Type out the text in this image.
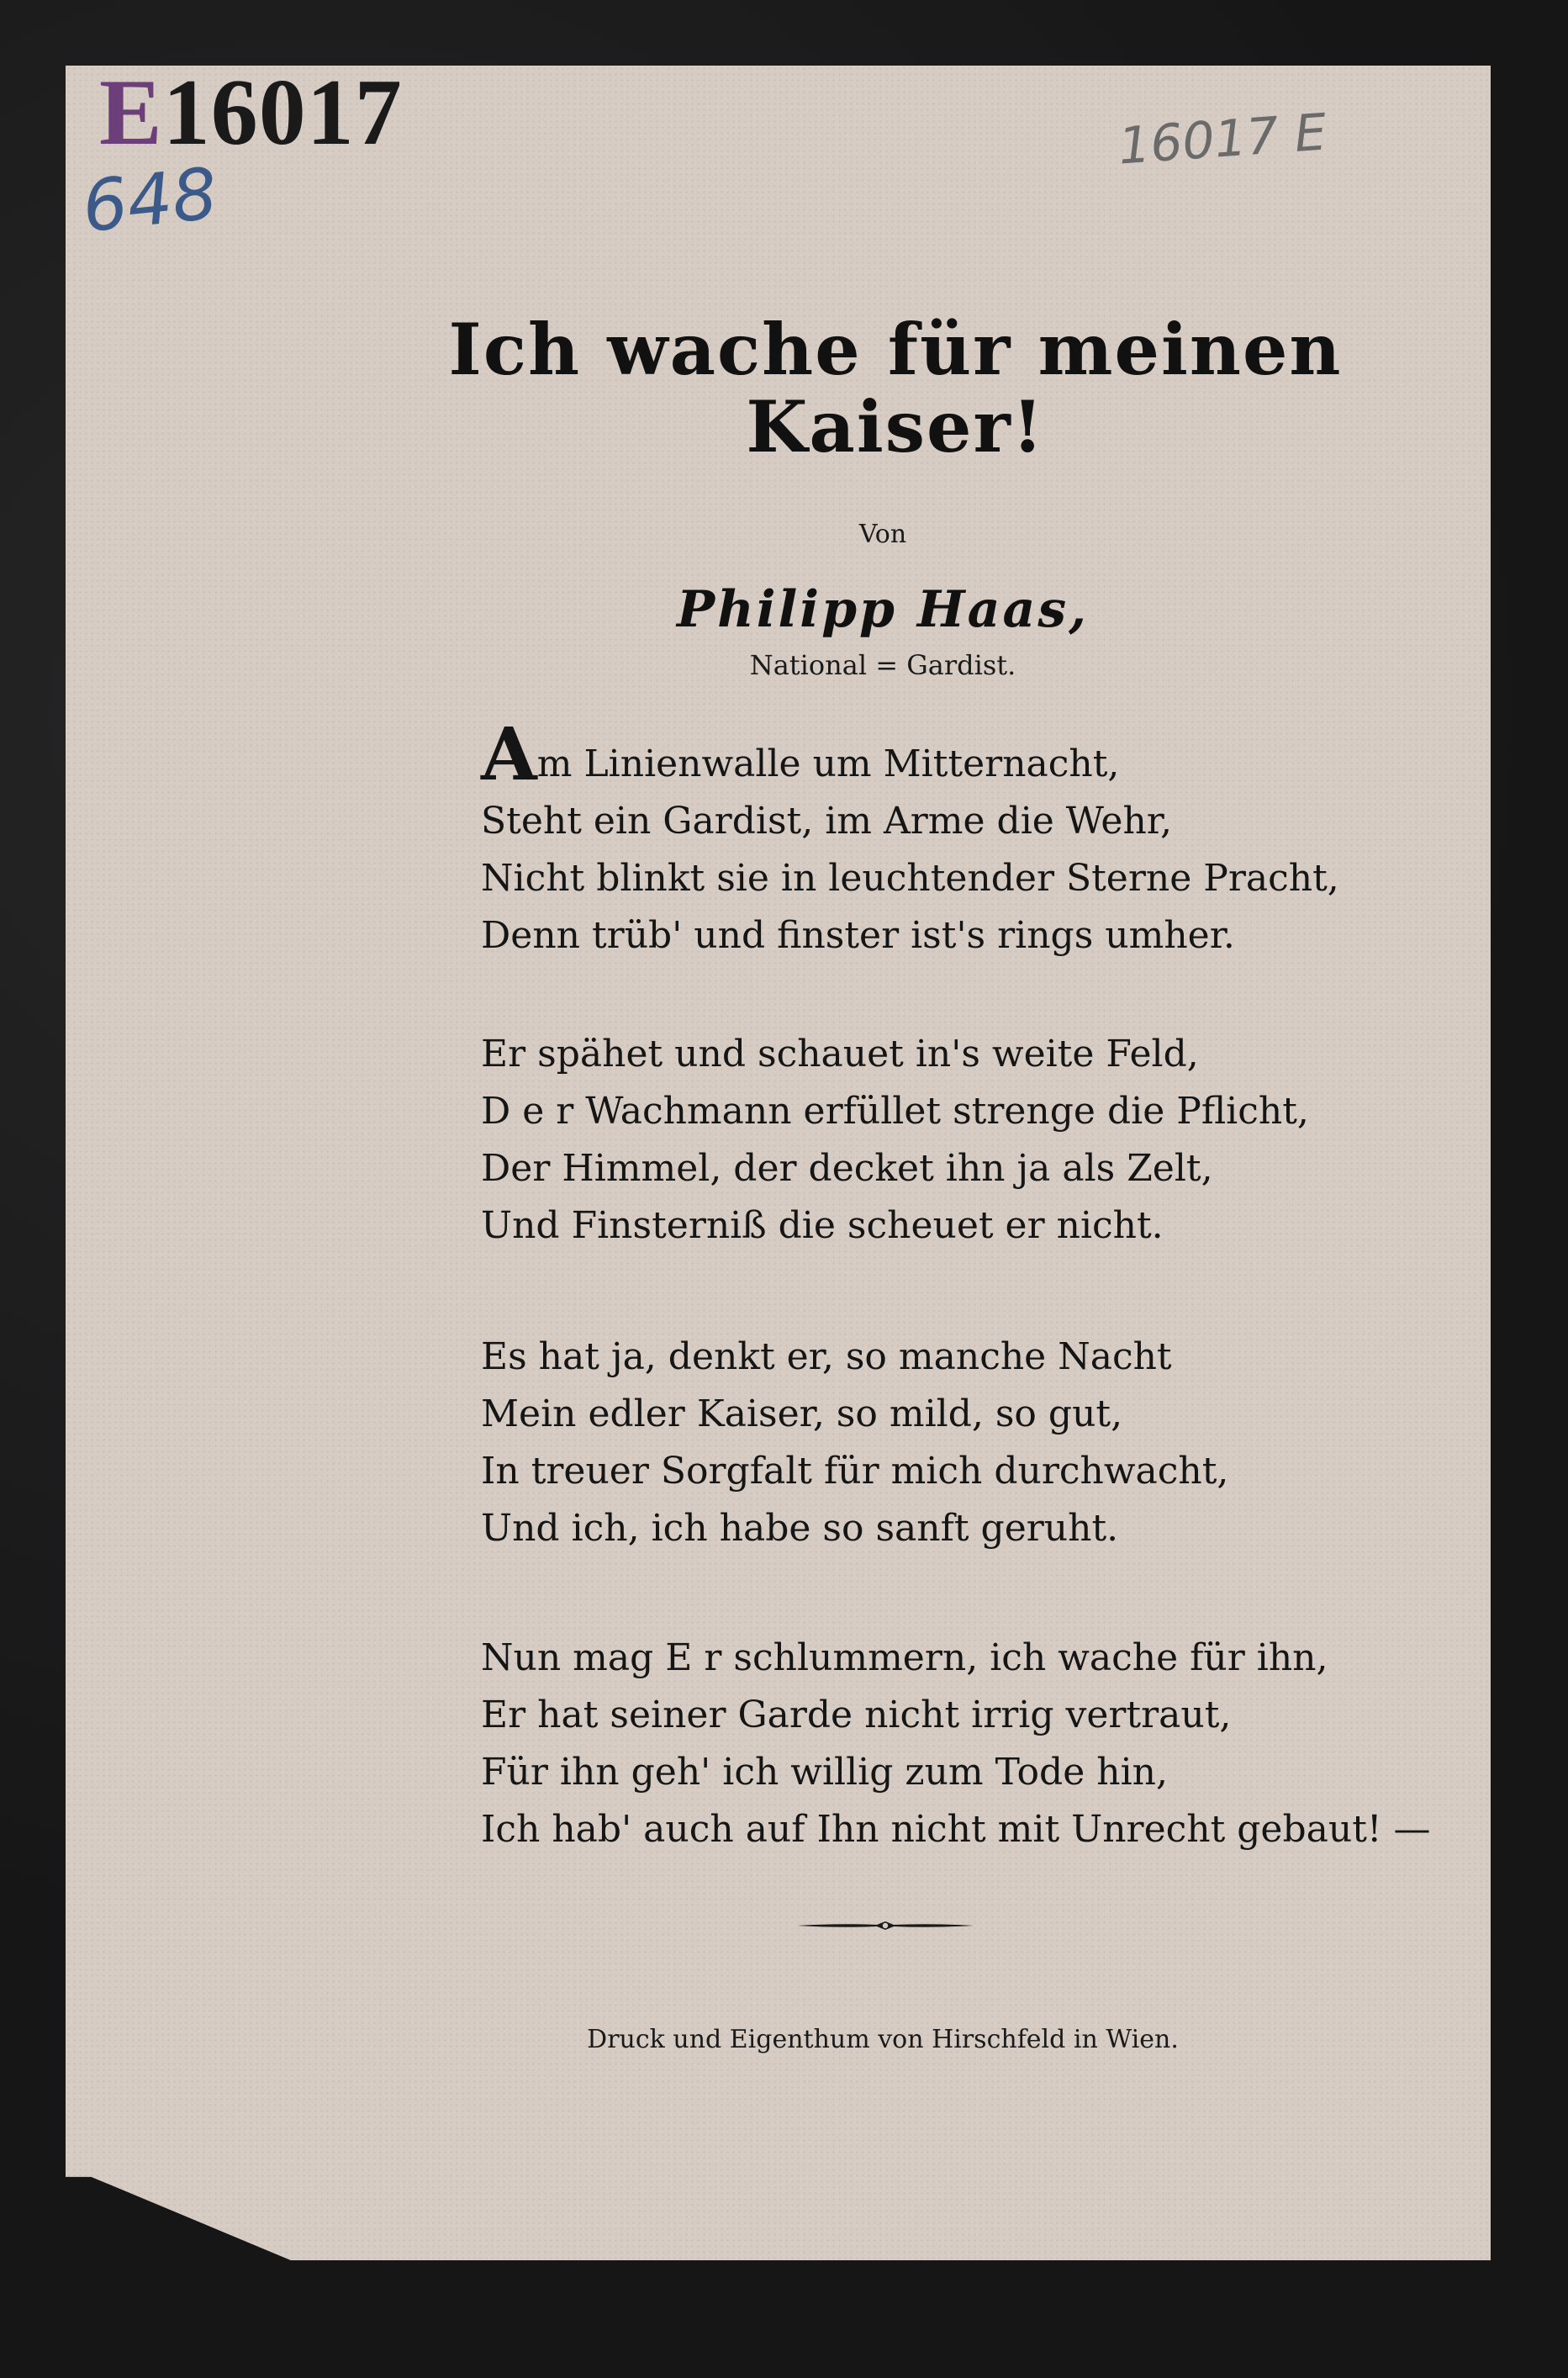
E16017
648
16017 E
Ich wache für meinen
Kaiser!
Von
Philipp Haas,
National = Gardist.
Am Linienwalle um Mitternacht,
Steht ein Gardist, im Arme die Wehr,
Nicht blinkt sie in leuchtender Sterne Pracht,
Denn trüb' und finster ist's rings umher.
Er spähet und schauet in's weite Feld,
D e r Wachmann erfüllet strenge die Pflicht,
Der Himmel, der decket ihn ja als Zelt,
Und Finsterniß die scheuet er nicht.
Es hat ja, denkt er, so manche Nacht
Mein edler Kaiser, so mild, so gut,
In treuer Sorgfalt für mich durchwacht,
Und ich, ich habe so sanft geruht.
Nun mag E r schlummern, ich wache für ihn,
Er hat seiner Garde nicht irrig vertraut,
Für ihn geh' ich willig zum Tode hin,
Ich hab' auch auf Ihn nicht mit Unrecht gebaut! —
Druck und Eigenthum von Hirschfeld in Wien.
